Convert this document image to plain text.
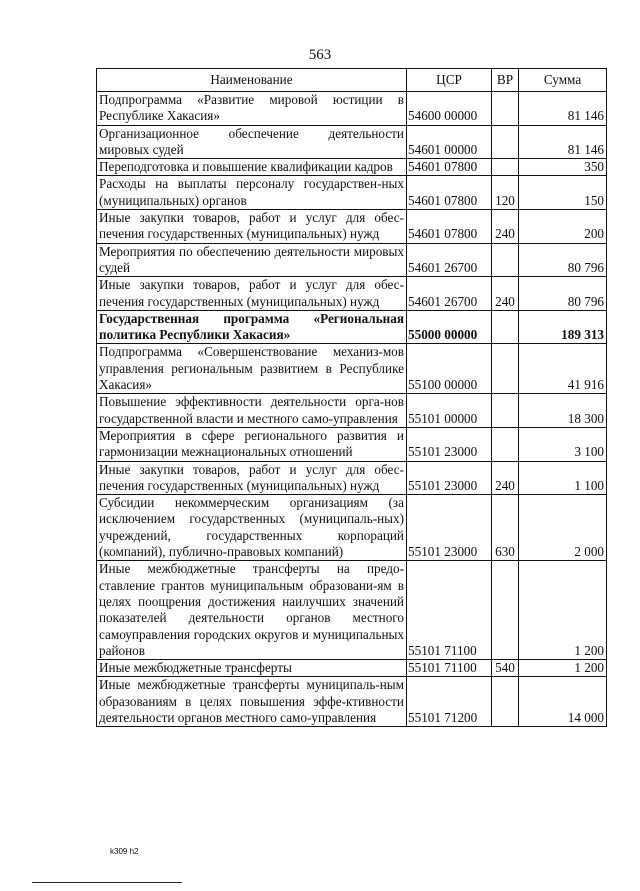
563
Наименование	ЦСР	ВР	Сумма
Подпрограмма «Развитие мировой юстиции в Республике Хакасия»	54600 00000		81 146
Организационное обеспечение деятельности мировых судей	54601 00000		81 146
Переподготовка и повышение квалификации кадров	54601 07800		350
Расходы на выплаты персоналу государствен-ных (муниципальных) органов	54601 07800	120	150
Иные закупки товаров, работ и услуг для обес-печения государственных (муниципальных) нужд	54601 07800	240	200
Мероприятия по обеспечению деятельности мировых судей	54601 26700		80 796
Иные закупки товаров, работ и услуг для обес-печения государственных (муниципальных) нужд	54601 26700	240	80 796
Государственная программа «Региональная политика Республики Хакасия»	55000 00000		189 313
Подпрограмма «Совершенствование механиз-мов управления региональным развитием в Республике Хакасия»	55100 00000		41 916
Повышение эффективности деятельности орга-нов государственной власти и местного само-управления	55101 00000		18 300
Мероприятия в сфере регионального развития и гармонизации межнациональных отношений	55101 23000		3 100
Иные закупки товаров, работ и услуг для обес-печения государственных (муниципальных) нужд	55101 23000	240	1 100
Субсидии некоммерческим организациям (за исключением государственных (муниципаль-ных) учреждений, государственных корпораций (компаний), публично-правовых компаний)	55101 23000	630	2 000
Иные межбюджетные трансферты на предо-ставление грантов муниципальным образовани-ям в целях поощрения достижения наилучших значений показателей деятельности органов местного самоуправления городских округов и муниципальных районов	55101 71100		1 200
Иные межбюджетные трансферты	55101 71100	540	1 200
Иные межбюджетные трансферты муниципаль-ным образованиям в целях повышения эффе-ктивности деятельности органов местного само-управления	55101 71200		14 000
k309 h2
